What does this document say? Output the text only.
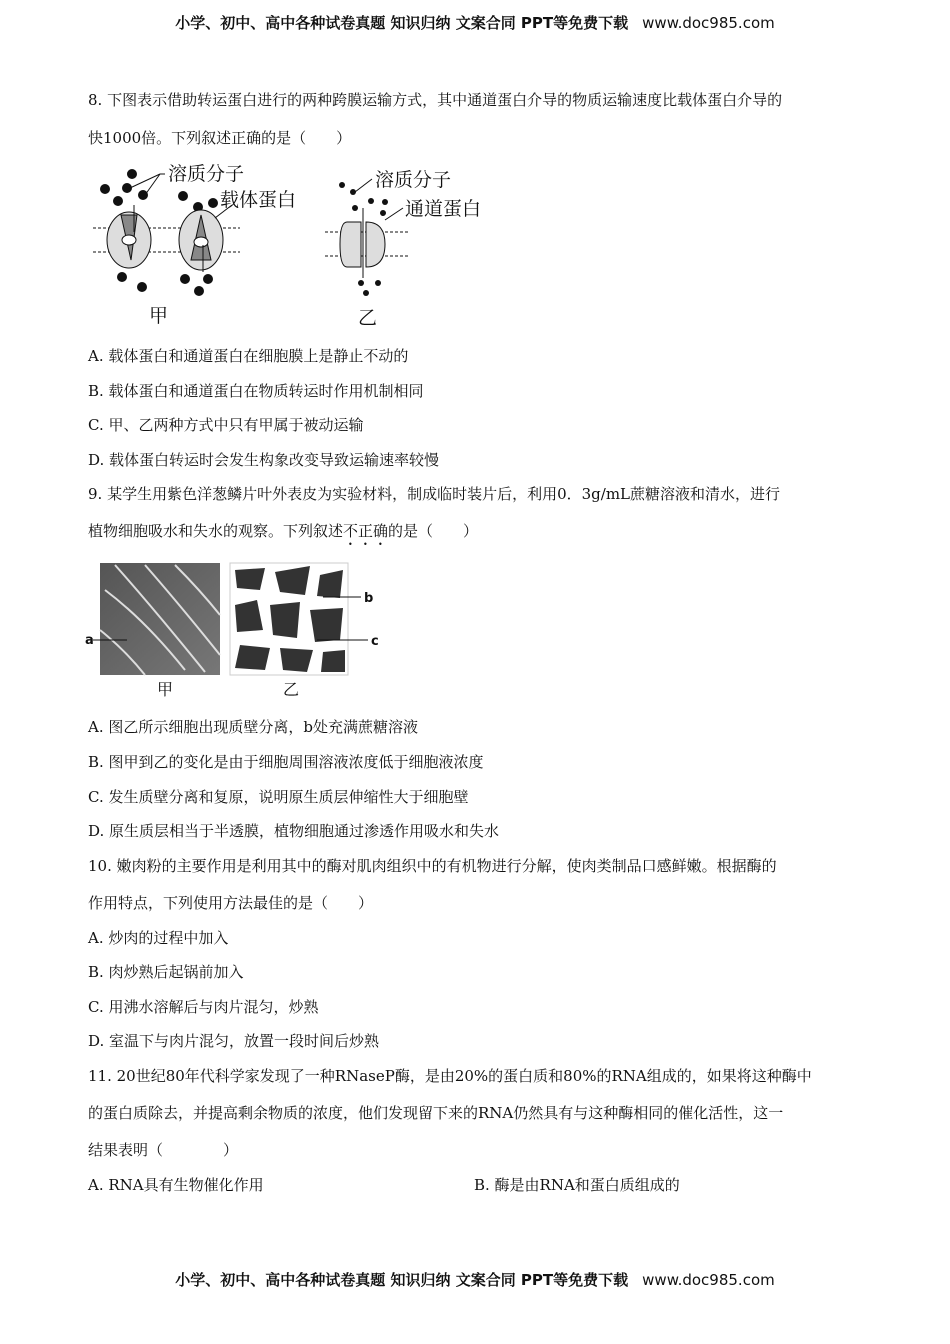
小学、初中、高中各种试卷真题 知识归纳 文案合同 PPT等免费下载 www.doc985.com
8. 下图表示借助转运蛋白进行的两种跨膜运输方式，其中通道蛋白介导的物质运输速度比载体蛋白介导的
快1000倍。下列叙述正确的是（　　）
溶质分子
载体蛋白
溶质分子
通道蛋白
甲	乙
A. 载体蛋白和通道蛋白在细胞膜上是静止不动的
B. 载体蛋白和通道蛋白在物质转运时作用机制相同
C. 甲、乙两种方式中只有甲属于被动运输
D. 载体蛋白转运时会发生构象改变导致运输速率较慢
9. 某学生用紫色洋葱鳞片叶外表皮为实验材料，制成临时装片后，利用0．3g/mL蔗糖溶液和清水，进行
植物细胞吸水和失水的观察。下列叙述不正确的是（　　）
a
b
c
甲	乙
A. 图乙所示细胞出现质壁分离，b处充满蔗糖溶液
B. 图甲到乙的变化是由于细胞周围溶液浓度低于细胞液浓度
C. 发生质壁分离和复原，说明原生质层伸缩性大于细胞壁
D. 原生质层相当于半透膜，植物细胞通过渗透作用吸水和失水
10. 嫩肉粉的主要作用是利用其中的酶对肌肉组织中的有机物进行分解，使肉类制品口感鲜嫩。根据酶的
作用特点，下列使用方法最佳的是（　　）
A. 炒肉的过程中加入
B. 肉炒熟后起锅前加入
C. 用沸水溶解后与肉片混匀，炒熟
D. 室温下与肉片混匀，放置一段时间后炒熟
11. 20世纪80年代科学家发现了一种RNaseP酶，是由20%的蛋白质和80%的RNA组成的，如果将这种酶中
的蛋白质除去，并提高剩余物质的浓度，他们发现留下来的RNA仍然具有与这种酶相同的催化活性，这一
结果表明（　　　　）
A. RNA具有生物催化作用	B. 酶是由RNA和蛋白质组成的
小学、初中、高中各种试卷真题 知识归纳 文案合同 PPT等免费下载 www.doc985.com
